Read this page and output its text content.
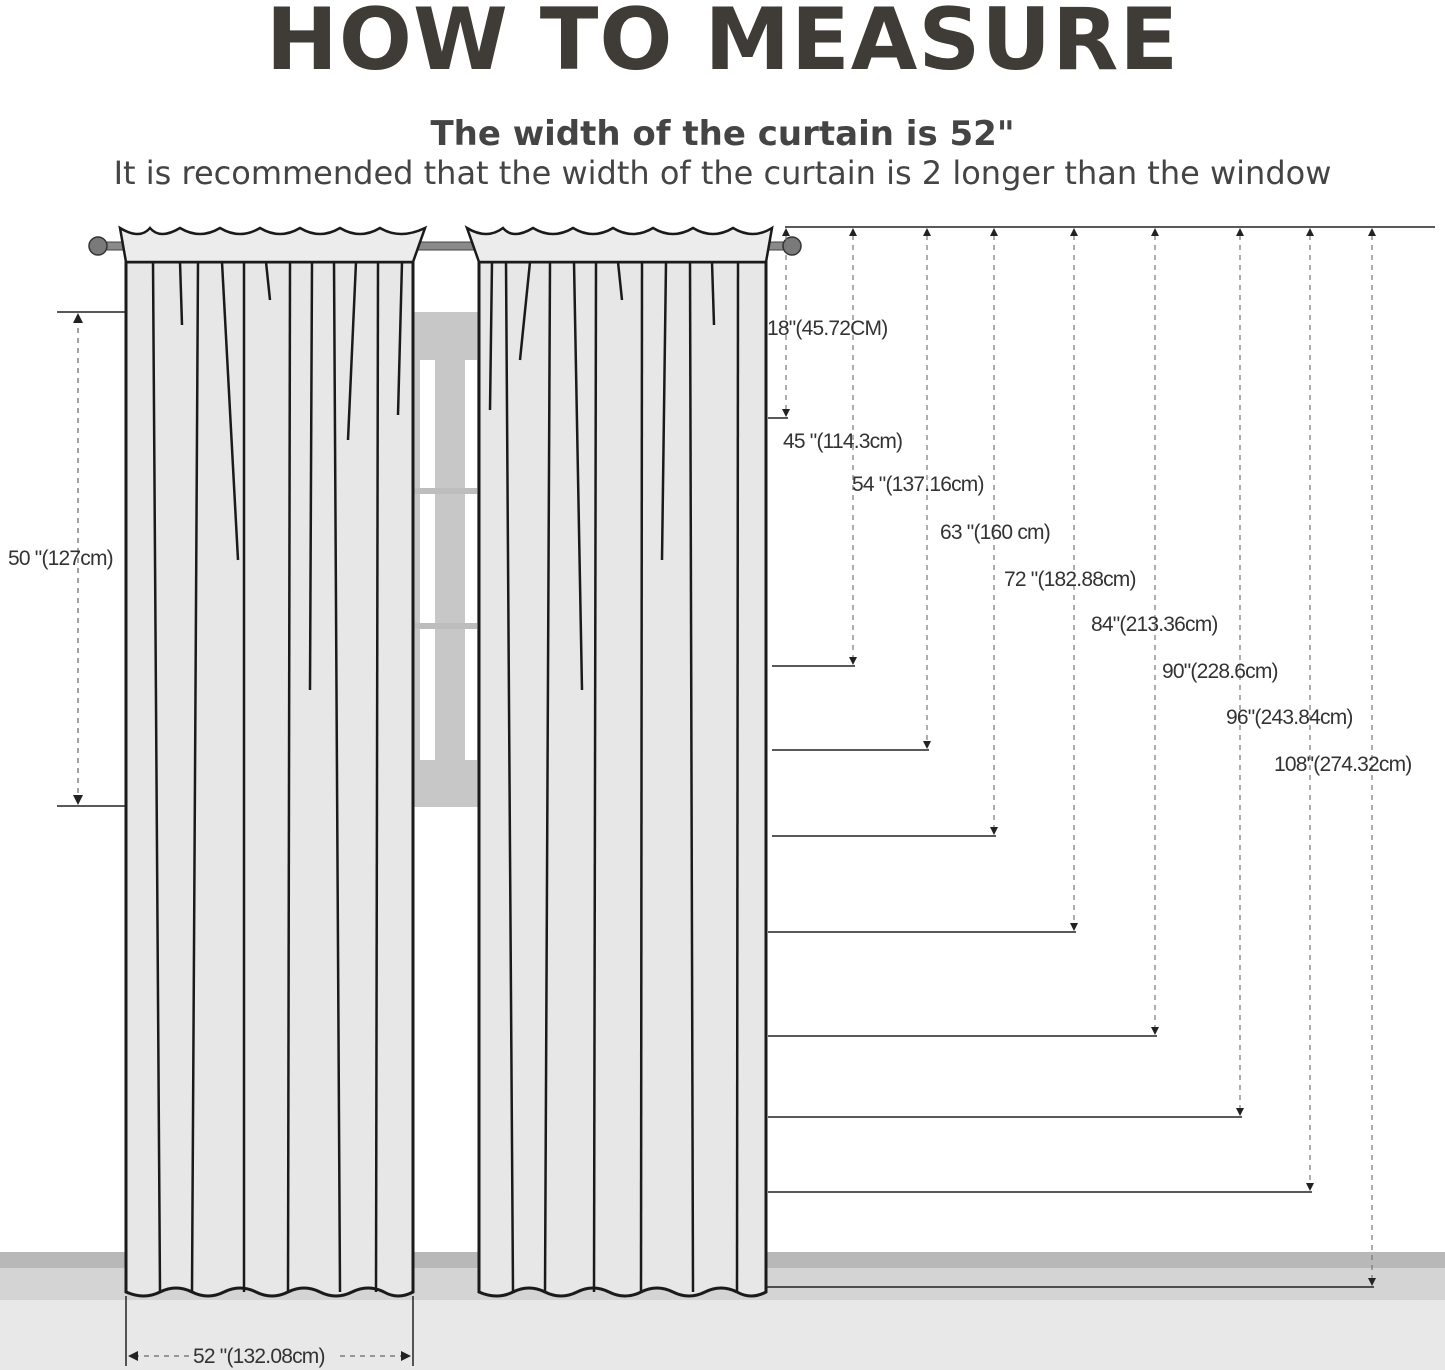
HOW TO MEASURE
The width of the curtain is 52"
It is recommended that the width of the curtain is 2 longer than the window
50 "(127cm)
52 "(132.08cm)
18"(45.72CM)
45 "(114.3cm)
54 "(137.16cm)
63 "(160 cm)
72 "(182.88cm)
84"(213.36cm)
90"(228.6cm)
96"(243.84cm)
108"(274.32cm)
